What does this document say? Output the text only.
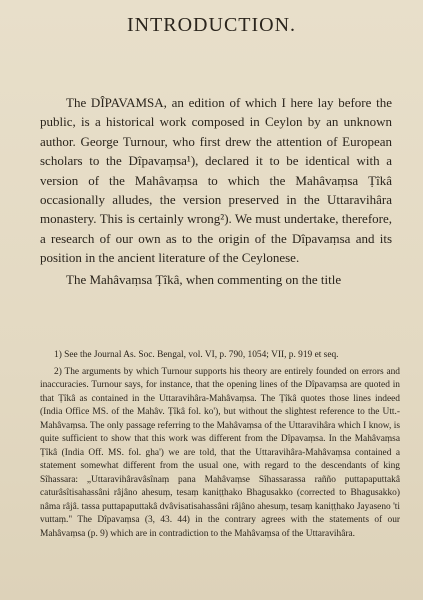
INTRODUCTION.

The DÎPAVAMSA, an edition of which I here lay before the public, is a historical work composed in Ceylon by an unknown author. George Turnour, who first drew the attention of European scholars to the Dîpavaṃsa¹), declared it to be identical with a version of the Mahâvaṃsa to which the Mahâvaṃsa Ṭîkâ occasionally alludes, the version preserved in the Uttaravihâra monastery. This is certainly wrong²). We must undertake, therefore, a research of our own as to the origin of the Dîpavaṃsa and its position in the ancient literature of the Ceylonese.

The Mahâvaṃsa Ṭîkâ, when commenting on the title

1) See the Journal As. Soc. Bengal, vol. VI, p. 790, 1054; VII, p. 919 et seq.

2) The arguments by which Turnour supports his theory are entirely founded on errors and inaccuracies. Turnour says, for instance, that the opening lines of the Dîpavaṃsa are quoted in that Ṭîkâ as contained in the Uttaravihâra-Mahâvaṃsa. The Ṭîkâ quotes those lines indeed (India Office MS. of the Mahâv. Ṭîkâ fol. ko'), but without the slightest reference to the Utt.-Mahâvaṃsa. The only passage referring to the Mahâvaṃsa of the Uttaravihâra which I know, is quite sufficient to show that this work was different from the Dîpavaṃsa. In the Mahâvaṃsa Ṭîkâ (India Off. MS. fol. gha') we are told, that the Uttaravihâra-Mahâvaṃsa contained a statement somewhat different from the usual one, with regard to the descendants of king Sîhassara: „Uttaravihâravâsînaṃ pana Mahâvaṃse Sîhassarassa rañño puttapaputtakâ caturâsîtisahassâni râjâno ahesuṃ, tesaṃ kaniṭṭhako Bhagusakko (corrected to Bhagusakko) nâma râjâ. tassa puttapaputtakâ dvâvisatisahassâni râjâno ahesuṃ, tesaṃ kaniṭṭhako Jayaseno 'ti vuttaṃ." The Dîpavaṃsa (3, 43. 44) in the contrary agrees with the statements of our Mahâvaṃsa (p. 9) which are in contradiction to the Mahâvaṃsa of the Uttaravihâra.
